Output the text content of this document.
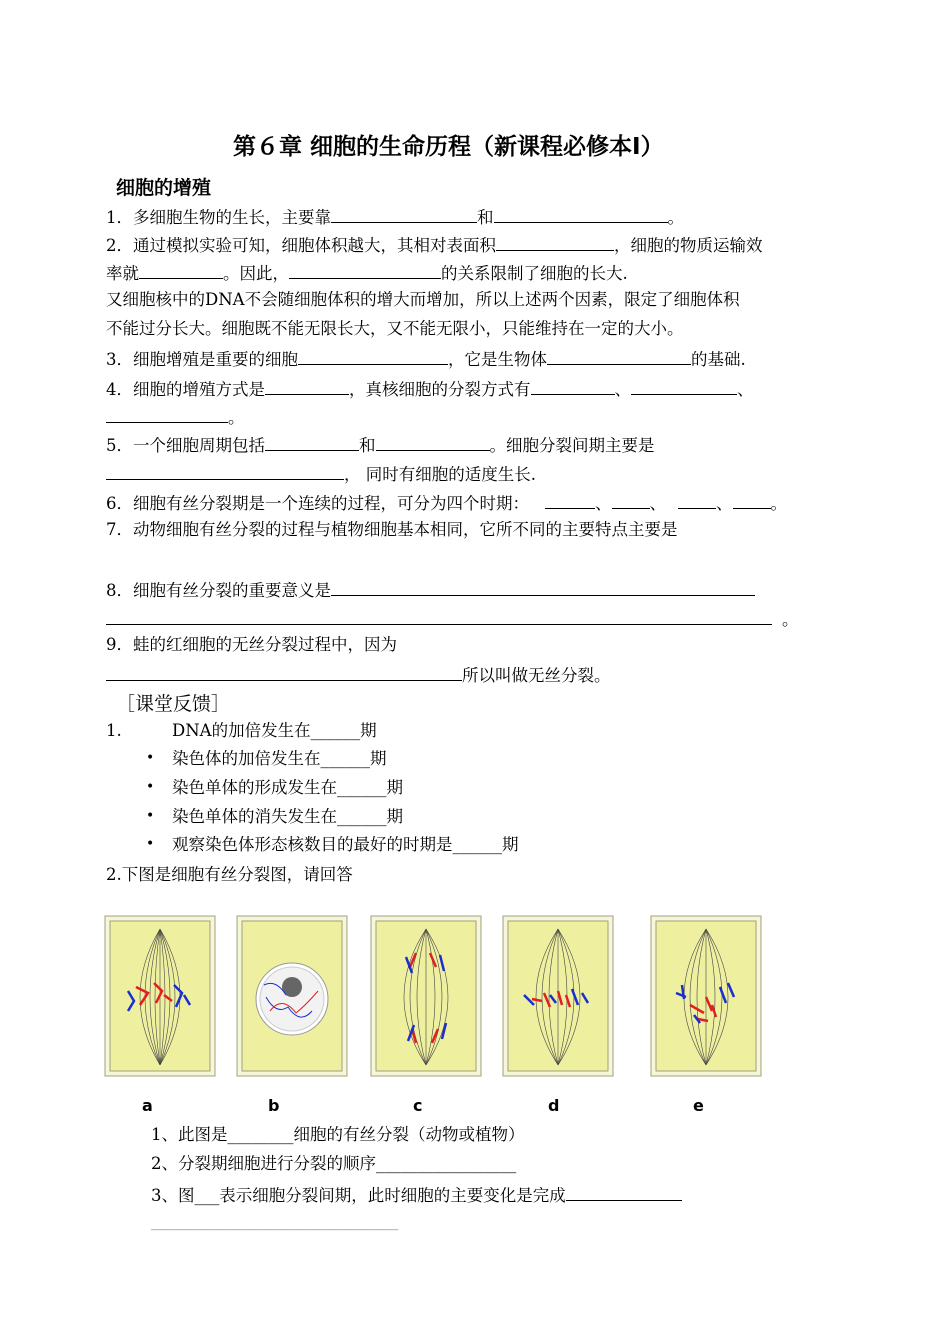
第６章 细胞的生命历程（新课程必修本Ⅰ）
细胞的增殖
1．多细胞生物的生长，主要靠	和	。
2．通过模拟实验可知，细胞体积越大，其相对表面积	，细胞的物质运输效
率就	。因此，	的关系限制了细胞的长大.
又细胞核中的DNA不会随细胞体积的增大而增加，所以上述两个因素，限定了细胞体积
不能过分长大。细胞既不能无限长大，又不能无限小，只能维持在一定的大小。
3．细胞增殖是重要的细胞	，它是生物体	的基础.
4．细胞的增殖方式是	，真核细胞的分裂方式有	、	、
。
5．一个细胞周期包括	和	。细胞分裂间期主要是
， 同时有细胞的适度生长.
6．细胞有丝分裂期是一个连续的过程，可分为四个时期：	、 、	、 。
7．动物细胞有丝分裂的过程与植物细胞基本相同，它所不同的主要特点主要是
8．细胞有丝分裂的重要意义是
。
9．蛙的红细胞的无丝分裂过程中，因为
所以叫做无丝分裂。
［课堂反馈］
1.	DNA的加倍发生在______期
• 染色体的加倍发生在______期
• 染色单体的形成发生在______期
• 染色单体的消失发生在______期
• 观察染色体形态核数目的最好的时期是______期
2.下图是细胞有丝分裂图，请回答
a	b	c	d	e
1、此图是________细胞的有丝分裂（动物或植物）
2、分裂期细胞进行分裂的顺序_________________
3、图___表示细胞分裂间期，此时细胞的主要变化是完成
______________________________
